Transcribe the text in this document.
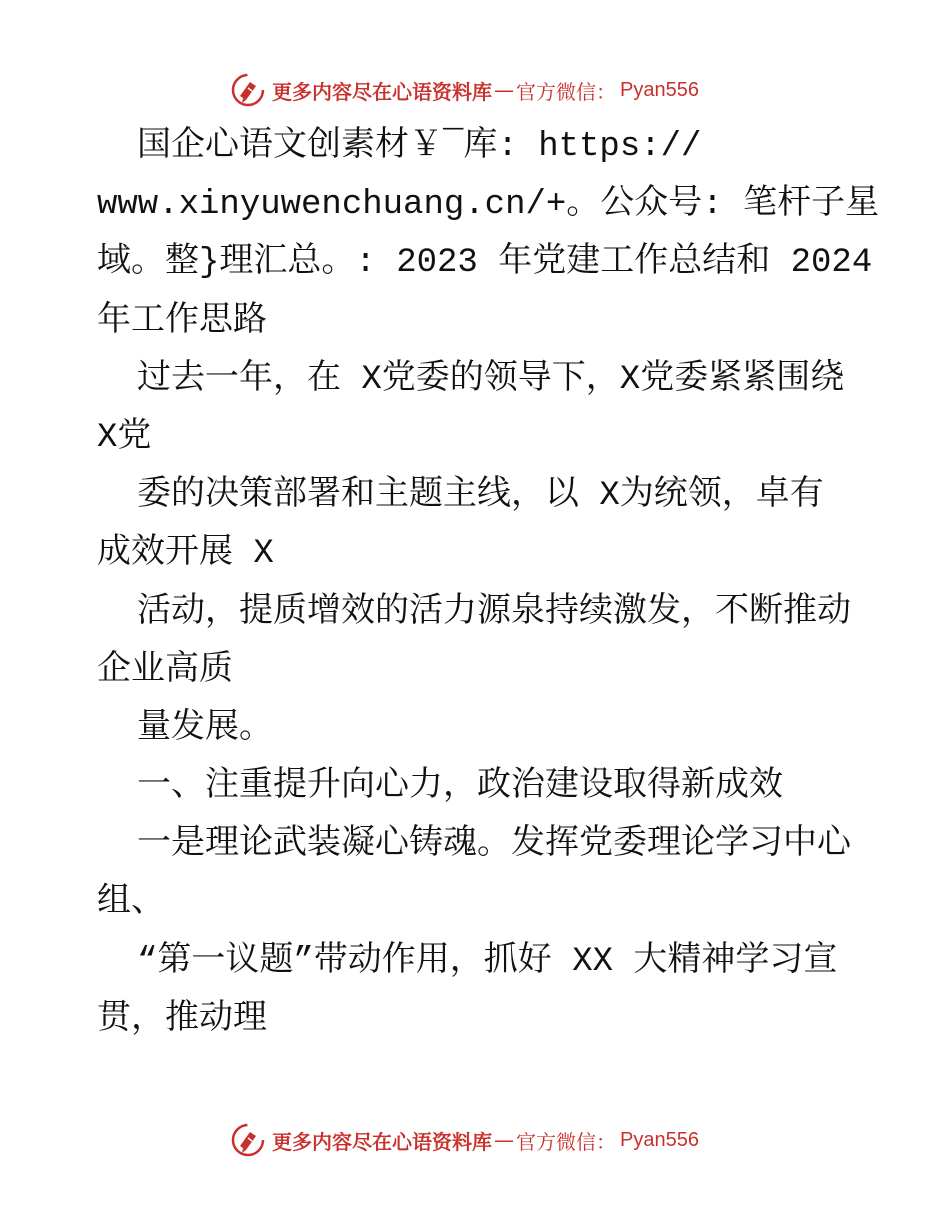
更多内容尽在心语资料库 — 官方微信： Pyan556
国企心语文创素材￥¯库: https://
www.xinyuwenchuang.cn/+。公众号: 笔杆子星
域。整}理汇总。: 2023 年党建工作总结和 2024
年工作思路
过去一年，在 X党委的领导下，X党委紧紧围绕
X党
委的决策部署和主题主线，以 X为统领，卓有
成效开展 X
活动，提质增效的活力源泉持续激发，不断推动
企业高质
量发展。
一、注重提升向心力，政治建设取得新成效
一是理论武装凝心铸魂。发挥党委理论学习中心
组、
“第一议题”带动作用，抓好 XX 大精神学习宣
贯，推动理
更多内容尽在心语资料库 — 官方微信： Pyan556
